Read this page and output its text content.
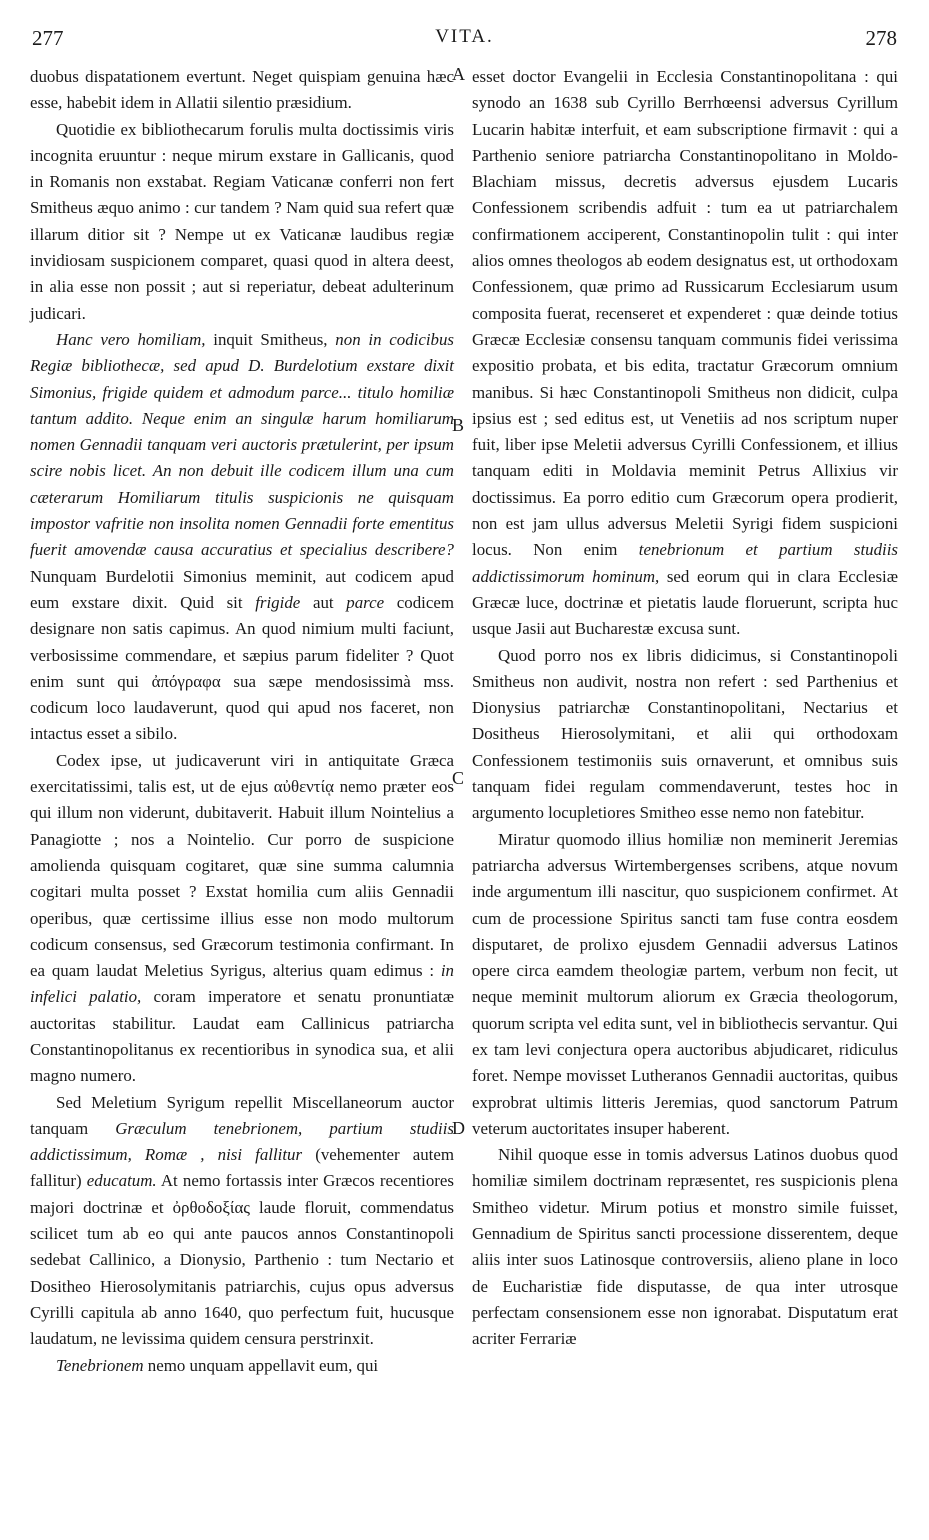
277	VITA.	278

duobus dispatationem evertunt. Neget quispiam genuina hæc esse, habebit idem in Allatii silentio præsidium.

Quotidie ex bibliothecarum forulis multa doctissimis viris incognita eruuntur : neque mirum exstare in Gallicanis, quod in Romanis non exstabat. Regiam Vaticanæ conferri non fert Smitheus æquo animo : cur tandem ? Nam quid sua refert quæ illarum ditior sit ? Nempe ut ex Vaticanæ laudibus regiæ invidiosam suspicionem comparet, quasi quod in altera deest, in alia esse non possit ; aut si reperiatur, debeat adulterinum judicari.

Hanc vero homiliam, inquit Smitheus, non in codicibus Regiæ bibliothecæ, sed apud D. Burdelotium exstare dixit Simonius, frigide quidem et admodum parce... titulo homiliæ tantum addito. Neque enim an singulæ harum homiliarum nomen Gennadii tanquam veri auctoris prætulerint, per ipsum scire nobis licet. An non debuit ille codicem illum una cum cæterarum Homiliarum titulis suspicionis ne quisquam impostor vafritie non insolita nomen Gennadii forte ementitus fuerit amovendæ causa accuratius et specialius describere? Nunquam Burdelotii Simonius meminit, aut codicem apud eum exstare dixit. Quid sit frigide aut parce codicem designare non satis capimus. An quod nimium multi faciunt, verbosissime commendare, et sæpius parum fideliter ? Quot enim sunt qui ἀπόγραφα sua sæpe mendosissimà mss. codicum loco laudaverunt, quod qui apud nos faceret, non intactus esset a sibilo.

Codex ipse, ut judicaverunt viri in antiquitate Græca exercitatissimi, talis est, ut de ejus αὐθεντίᾳ nemo præter eos qui illum non viderunt, dubitaverit. Habuit illum Nointelius a Panagiotte ; nos a Nointelio. Cur porro de suspicione amolienda quisquam cogitaret, quæ sine summa calumnia cogitari multa posset ? Exstat homilia cum aliis Gennadii operibus, quæ certissime illius esse non modo multorum codicum consensus, sed Græcorum testimonia confirmant. In ea quam laudat Meletius Syrigus, alterius quam edimus : in infelici palatio, coram imperatore et senatu pronuntiatæ auctoritas stabilitur. Laudat eam Callinicus patriarcha Constantinopolitanus ex recentioribus in synodica sua, et alii magno numero.

Sed Meletium Syrigum repellit Miscellaneorum auctor tanquam Græculum tenebrionem, partium studiis addictissimum, Romæ , nisi fallitur (vehementer autem fallitur) educatum. At nemo fortassis inter Græcos recentiores majori doctrinæ et ὀρθοδοξίας laude floruit, commendatus scilicet tum ab eo qui ante paucos annos Constantinopoli sedebat Callinico, a Dionysio, Parthenio : tum Nectario et Dositheo Hierosolymitanis patriarchis, cujus opus adversus Cyrilli capitula ab anno 1640, quo perfectum fuit, hucusque laudatum, ne levissima quidem censura perstrinxit.

Tenebrionem nemo unquam appellavit eum, qui

A
B
C
D

esset doctor Evangelii in Ecclesia Constantinopolitana : qui synodo an 1638 sub Cyrillo Berrhœensi adversus Cyrillum Lucarin habitæ interfuit, et eam subscriptione firmavit : qui a Parthenio seniore patriarcha Constantinopolitano in Moldo-Blachiam missus, decretis adversus ejusdem Lucaris Confessionem scribendis adfuit : tum ea ut patriarchalem confirmationem acciperent, Constantinopolin tulit : qui inter alios omnes theologos ab eodem designatus est, ut orthodoxam Confessionem, quæ primo ad Russicarum Ecclesiarum usum composita fuerat, recenseret et expenderet : quæ deinde totius Græcæ Ecclesiæ consensu tanquam communis fidei verissima expositio probata, et bis edita, tractatur Græcorum omnium manibus. Si hæc Constantinopoli Smitheus non didicit, culpa ipsius est ; sed editus est, ut Venetiis ad nos scriptum nuper fuit, liber ipse Meletii adversus Cyrilli Confessionem, et illius tanquam editi in Moldavia meminit Petrus Allixius vir doctissimus. Ea porro editio cum Græcorum opera prodierit, non est jam ullus adversus Meletii Syrigi fidem suspicioni locus. Non enim tenebrionum et partium studiis addictissimorum hominum, sed eorum qui in clara Ecclesiæ Græcæ luce, doctrinæ et pietatis laude floruerunt, scripta huc usque Jasii aut Bucharestæ excusa sunt.

Quod porro nos ex libris didicimus, si Constantinopoli Smitheus non audivit, nostra non refert : sed Parthenius et Dionysius patriarchæ Constantinopolitani, Nectarius et Dositheus Hierosolymitani, et alii qui orthodoxam Confessionem testimoniis suis ornaverunt, et omnibus suis tanquam fidei regulam commendaverunt, testes hoc in argumento locupletiores Smitheo esse nemo non fatebitur.

Miratur quomodo illius homiliæ non meminerit Jeremias patriarcha adversus Wirtembergenses scribens, atque novum inde argumentum illi nascitur, quo suspicionem confirmet. At cum de processione Spiritus sancti tam fuse contra eosdem disputaret, de prolixo ejusdem Gennadii adversus Latinos opere circa eamdem theologiæ partem, verbum non fecit, ut neque meminit multorum aliorum ex Græcia theologorum, quorum scripta vel edita sunt, vel in bibliothecis servantur. Qui ex tam levi conjectura opera auctoribus abjudicaret, ridiculus foret. Nempe movisset Lutheranos Gennadii auctoritas, quibus exprobrat ultimis litteris Jeremias, quod sanctorum Patrum veterum auctoritates insuper haberent.

Nihil quoque esse in tomis adversus Latinos duobus quod homiliæ similem doctrinam repræsentet, res suspicionis plena Smitheo videtur. Mirum potius et monstro simile fuisset, Gennadium de Spiritus sancti processione disserentem, deque aliis inter suos Latinosque controversiis, alieno plane in loco de Eucharistiæ fide disputasse, de qua inter utrosque perfectam consensionem esse non ignorabat. Disputatum erat acriter Ferrariæ
